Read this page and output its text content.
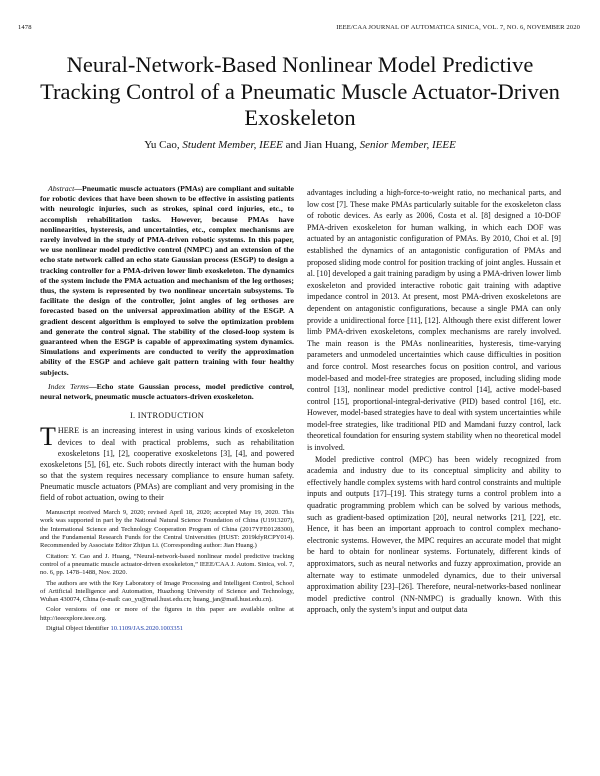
1478	IEEE/CAA JOURNAL OF AUTOMATICA SINICA, VOL. 7, NO. 6, NOVEMBER 2020
Neural-Network-Based Nonlinear Model Predictive Tracking Control of a Pneumatic Muscle Actuator-Driven Exoskeleton
Yu Cao, Student Member, IEEE and Jian Huang, Senior Member, IEEE

Abstract—Pneumatic muscle actuators (PMAs) are compliant and suitable for robotic devices that have been shown to be effective in assisting patients with neurologic injuries, such as strokes, spinal cord injuries, etc., to accomplish rehabilitation tasks. However, because PMAs have nonlinearities, hysteresis, and uncertainties, etc., complex mechanisms are rarely involved in the study of PMA-driven robotic systems. In this paper, we use nonlinear model predictive control (NMPC) and an extension of the echo state network called an echo state Gaussian process (ESGP) to design a tracking controller for a PMA-driven lower limb exoskeleton. The dynamics of the system include the PMA actuation and mechanism of the leg orthoses; thus, the system is represented by two nonlinear uncertain subsystems. To facilitate the design of the controller, joint angles of leg orthoses are forecasted based on the universal approximation ability of the ESGP. A gradient descent algorithm is employed to solve the optimization problem and generate the control signal. The stability of the closed-loop system is guaranteed when the ESGP is capable of approximating system dynamics. Simulations and experiments are conducted to verify the approximation ability of the ESGP and achieve gait pattern training with four healthy subjects.

Index Terms—Echo state Gaussian process, model predictive control, neural network, pneumatic muscle actuators-driven exoskeleton.

I. INTRODUCTION

THERE is an increasing interest in using various kinds of exoskeleton devices to deal with practical problems, such as rehabilitation exoskeletons [1], [2], cooperative exoskeletons [3], [4], and powered exoskeletons [5], [6], etc. Such robots directly interact with the human body so that the system requires necessary compliance to ensure human safety. Pneumatic muscle actuators (PMAs) are compliant and very promising in the field of robot actuation, owing to their

Manuscript received March 9, 2020; revised April 18, 2020; accepted May 19, 2020. This work was supported in part by the National Natural Science Foundation of China (U1913207), the International Science and Technology Cooperation Program of China (2017YFE0128300), and the Fundamental Research Funds for the Central Universities (HUST: 2019kfyRCPY014). Recommended by Associate Editor Zhijun Li. (Corresponding author: Jian Huang.)

Citation: Y. Cao and J. Huang, “Neural-network-based nonlinear model predictive tracking control of a pneumatic muscle actuator-driven exoskeleton,” IEEE/CAA J. Autom. Sinica, vol. 7, no. 6, pp. 1478–1488, Nov. 2020.

The authors are with the Key Laboratory of Image Processing and Intelligent Control, School of Artificial Intelligence and Automation, Huazhong University of Science and Technology, Wuhan 430074, China (e-mail: cao_yu@mail.hust.edu.cn; huang_jan@mail.hust.edu.cn).

Color versions of one or more of the figures in this paper are available online at http://ieeexplore.ieee.org.

Digital Object Identifier 10.1109/JAS.2020.1003351

advantages including a high-force-to-weight ratio, no mechanical parts, and low cost [7]. These make PMAs particularly suitable for the exoskeleton class of robotic devices. As early as 2006, Costa et al. [8] designed a 10-DOF PMA-driven exoskeleton for human walking, in which each DOF was actuated by an antagonistic configuration of PMAs. By 2010, Choi et al. [9] established the dynamics of an antagonistic configuration of PMAs and proposed sliding mode control for position tracking of joint angles. Hussain et al. [10] developed a gait training paradigm by using a PMA-driven lower limb exoskeleton and provided interactive robotic gait training with adaptive impedance control in 2013. At present, most PMA-driven exoskeletons are dependent on antagonistic configurations, because a single PMA can only provide a unidirectional force [11], [12]. Although there exist different lower limb PMA-driven exoskeletons, complex mechanisms are rarely involved. The main reason is the PMAs nonlinearities, hysteresis, time-varying parameters and unmodeled uncertainties which cause difficulties in position and force control. Most researches focus on position control, and various model-based and model-free strategies are proposed, including sliding mode control [13], nonlinear model predictive control [14], active model-based control [15], proportional-integral-derivative (PID) based control [16], etc. However, model-based strategies have to deal with system uncertainties while model-free strategies, like traditional PID and Mamdani fuzzy control, lack theoretical foundation for ensuring system stability when no theoretical model is involved.

Model predictive control (MPC) has been widely recognized from academia and industry due to its conceptual simplicity and ability to effectively handle complex systems with hard control constraints and multiple inputs and outputs [17]–[19]. This strategy turns a control problem into a quadratic programming problem which can be solved by various methods, such as gradient-based optimization [20], neural networks [21], [22], etc. Hence, it has been an important approach to control complex mechano-electronic systems. However, the MPC requires an accurate model that might be hard to obtain for nonlinear systems. Fortunately, different kinds of approximators, such as neural networks and fuzzy approximation, provide an alternate way to estimate unmodeled dynamics, due to their universal approximation ability [23]–[26]. Therefore, neural-networks-based nonlinear model predictive control (NN-NMPC) is gradually known. With this approach, only the system’s input and output data
